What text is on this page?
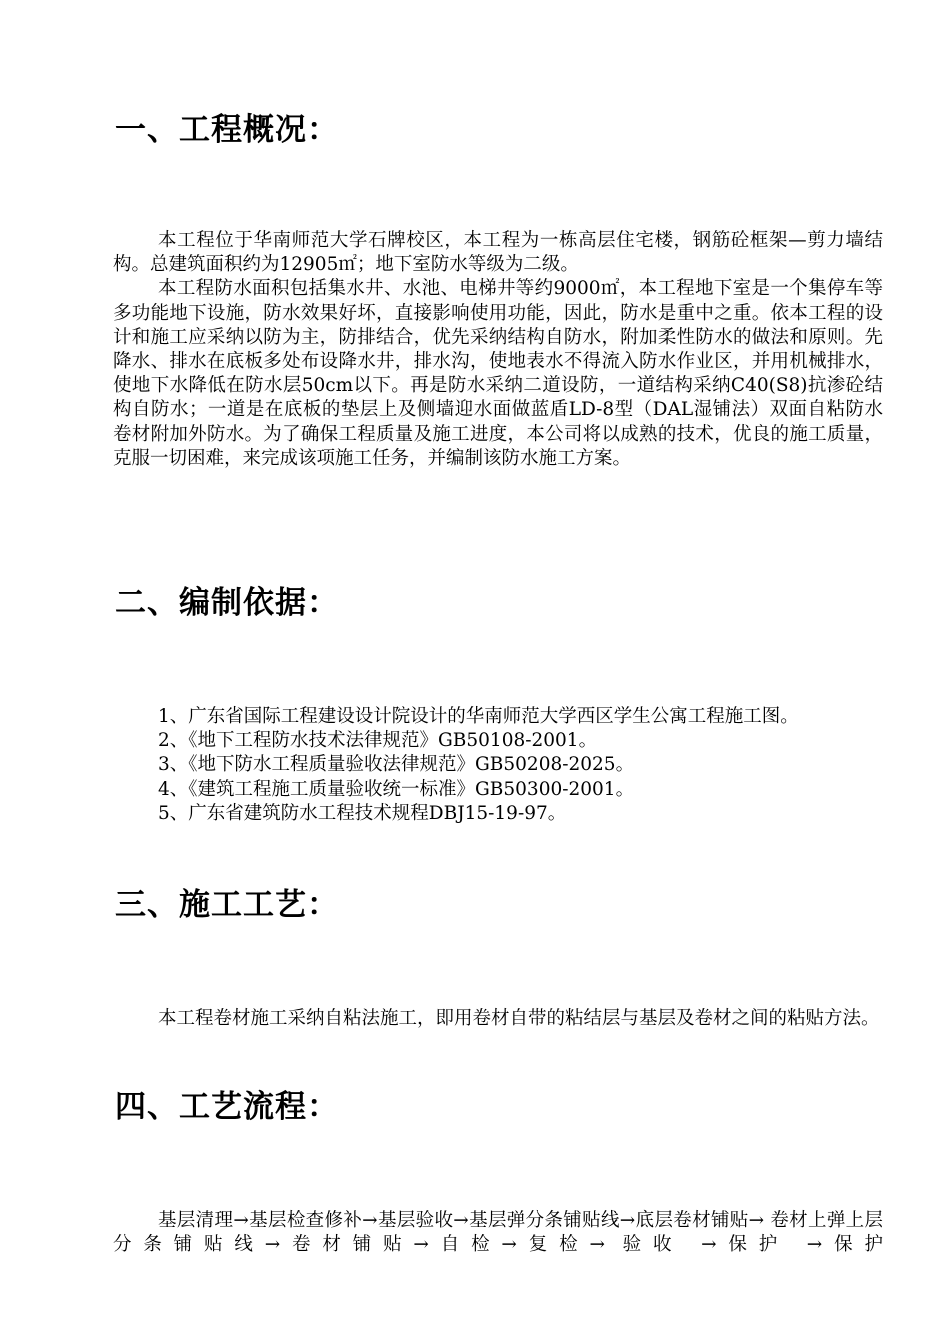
一、工程概况：

本工程位于华南师范大学石牌校区，本工程为一栋高层住宅楼，钢筋砼框架—剪力墙结构。总建筑面积约为12905㎡；地下室防水等级为二级。

本工程防水面积包括集水井、水池、电梯井等约9000㎡，本工程地下室是一个集停车等多功能地下设施，防水效果好坏，直接影响使用功能，因此，防水是重中之重。依本工程的设计和施工应采纳以防为主，防排结合，优先采纳结构自防水，附加柔性防水的做法和原则。先降水、排水在底板多处布设降水井，排水沟，使地表水不得流入防水作业区，并用机械排水，使地下水降低在防水层50cm以下。再是防水采纳二道设防，一道结构采纳C40(S8)抗渗砼结构自防水；一道是在底板的垫层上及侧墙迎水面做蓝盾LD-8型（DAL湿铺法）双面自粘防水卷材附加外防水。为了确保工程质量及施工进度，本公司将以成熟的技术，优良的施工质量，克服一切困难，来完成该项施工任务，并编制该防水施工方案。

二、编制依据：

1、广东省国际工程建设设计院设计的华南师范大学西区学生公寓工程施工图。

2、《地下工程防水技术法律规范》GB50108-2001。

3、《地下防水工程质量验收法律规范》GB50208-2025。

4、《建筑工程施工质量验收统一标准》GB50300-2001。

5、广东省建筑防水工程技术规程DBJ15-19-97。

三、施工工艺：

本工程卷材施工采纳自粘法施工，即用卷材自带的粘结层与基层及卷材之间的粘贴方法。

四、工艺流程：

基层清理→基层检查修补→基层验收→基层弹分条铺贴线→底层卷材铺贴→ 卷材上弹上层分条铺贴线→卷材铺贴→自检→复检→ 验收 →保护 →保护
